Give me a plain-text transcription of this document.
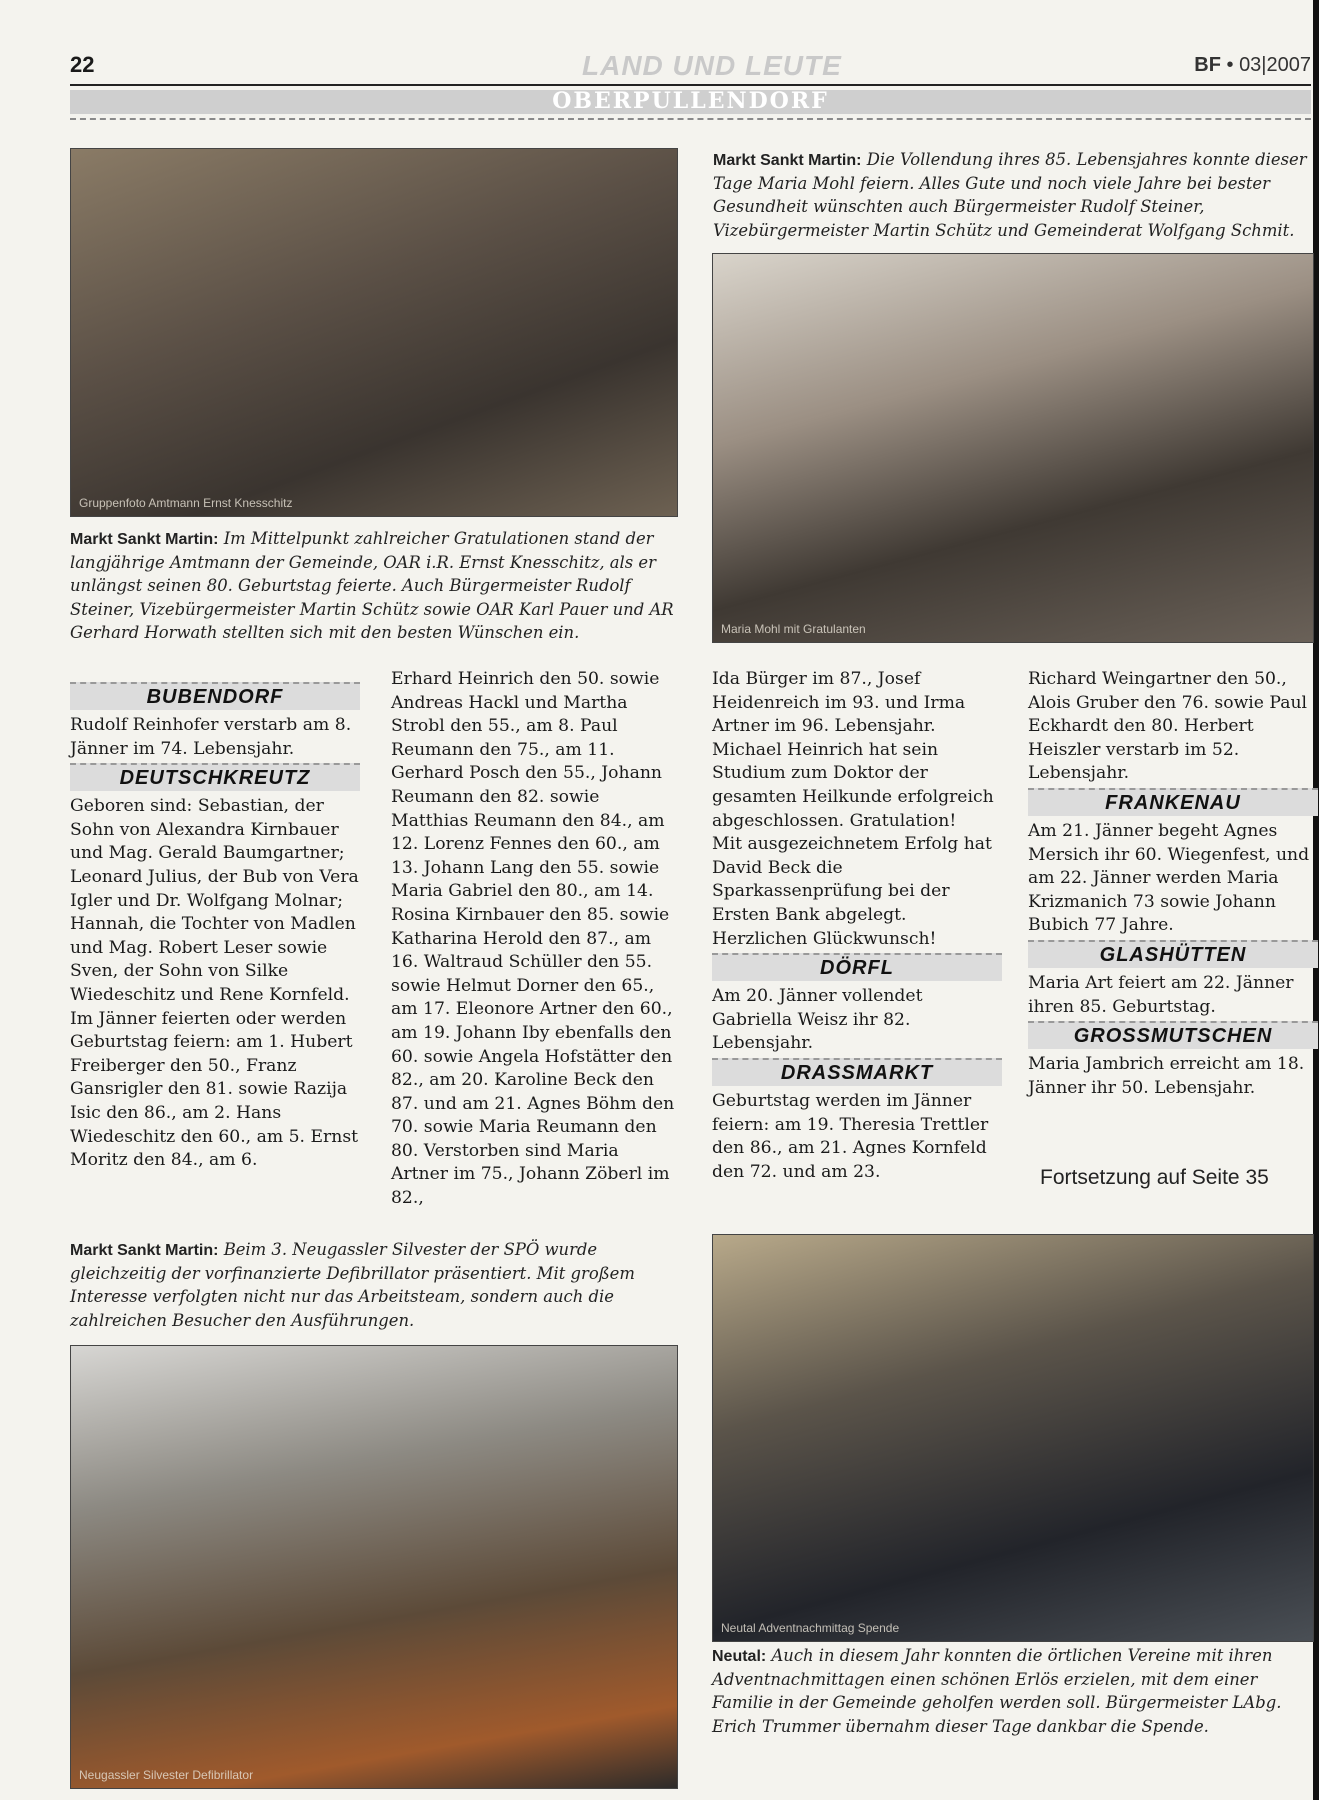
22	LAND UND LEUTE	BF • 03|2007
OBERPULLENDORF
Gruppenfoto Amtmann Ernst Knesschitz
Maria Mohl mit Gratulanten
Neugassler Silvester Defibrillator
Neutal Adventnachmittag Spende
Markt Sankt Martin: Die Vollendung ihres 85. Lebensjahres konnte dieser Tage Maria Mohl feiern. Alles Gute und noch viele Jahre bei bester Gesundheit wünschten auch Bürgermeister Rudolf Steiner, Vizebürgermeister Martin Schütz und Gemeinderat Wolfgang Schmit.
Markt Sankt Martin: Im Mittelpunkt zahlreicher Gratulationen stand der langjährige Amtmann der Gemeinde, OAR i.R. Ernst Knesschitz, als er unlängst seinen 80. Geburtstag feierte. Auch Bürgermeister Rudolf Steiner, Vizebürgermeister Martin Schütz sowie OAR Karl Pauer und AR Gerhard Horwath stellten sich mit den besten Wünschen ein.
Markt Sankt Martin: Beim 3. Neugassler Silvester der SPÖ wurde gleichzeitig der vorfinanzierte Defibrillator präsentiert. Mit großem Interesse verfolgten nicht nur das Arbeitsteam, sondern auch die zahlreichen Besucher den Ausführungen.
Neutal: Auch in diesem Jahr konnten die örtlichen Vereine mit ihren Adventnachmittagen einen schönen Erlös erzielen, mit dem einer Familie in der Gemeinde geholfen werden soll. Bürgermeister LAbg. Erich Trummer übernahm dieser Tage dankbar die Spende.
BUBENDORF

Rudolf Reinhofer verstarb am 8. Jänner im 74. Lebensjahr.

DEUTSCHKREUTZ

Geboren sind: Sebastian, der Sohn von Alexandra Kirnbauer und Mag. Gerald Baumgartner; Leonard Julius, der Bub von Vera Igler und Dr. Wolfgang Molnar; Hannah, die Tochter von Madlen und Mag. Robert Leser sowie Sven, der Sohn von Silke Wiedeschitz und Rene Kornfeld.

Im Jänner feierten oder werden Geburtstag feiern: am 1. Hubert Freiberger den 50., Franz Gansrigler den 81. sowie Razija Isic den 86., am 2. Hans Wiedeschitz den 60., am 5. Ernst Moritz den 84., am 6.

Erhard Heinrich den 50. sowie Andreas Hackl und Martha Strobl den 55., am 8. Paul Reumann den 75., am 11. Gerhard Posch den 55., Johann Reumann den 82. sowie Matthias Reumann den 84., am 12. Lorenz Fennes den 60., am 13. Johann Lang den 55. sowie Maria Gabriel den 80., am 14. Rosina Kirnbauer den 85. sowie Katharina Herold den 87., am 16. Waltraud Schüller den 55. sowie Helmut Dorner den 65., am 17. Eleonore Artner den 60., am 19. Johann Iby ebenfalls den 60. sowie Angela Hofstätter den 82., am 20. Karoline Beck den 87. und am 21. Agnes Böhm den 70. sowie Maria Reumann den 80. Verstorben sind Maria Artner im 75., Johann Zöberl im 82.,

Ida Bürger im 87., Josef Heidenreich im 93. und Irma Artner im 96. Lebensjahr.

Michael Heinrich hat sein Studium zum Doktor der gesamten Heilkunde erfolgreich abgeschlossen. Gratulation!

Mit ausgezeichnetem Erfolg hat David Beck die Sparkassenprüfung bei der Ersten Bank abgelegt. Herzlichen Glückwunsch!

DÖRFL

Am 20. Jänner vollendet Gabriella Weisz ihr 82. Lebensjahr.

DRASSMARKT

Geburtstag werden im Jänner feiern: am 19. Theresia Trettler den 86., am 21. Agnes Kornfeld den 72. und am 23.

Richard Weingartner den 50., Alois Gruber den 76. sowie Paul Eckhardt den 80. Herbert Heiszler verstarb im 52. Lebensjahr.

FRANKENAU

Am 21. Jänner begeht Agnes Mersich ihr 60. Wiegenfest, und am 22. Jänner werden Maria Krizmanich 73 sowie Johann Bubich 77 Jahre.

GLASHÜTTEN

Maria Art feiert am 22. Jänner ihren 85. Geburtstag.

GROSSMUTSCHEN

Maria Jambrich erreicht am 18. Jänner ihr 50. Lebensjahr.

Fortsetzung auf Seite 35
